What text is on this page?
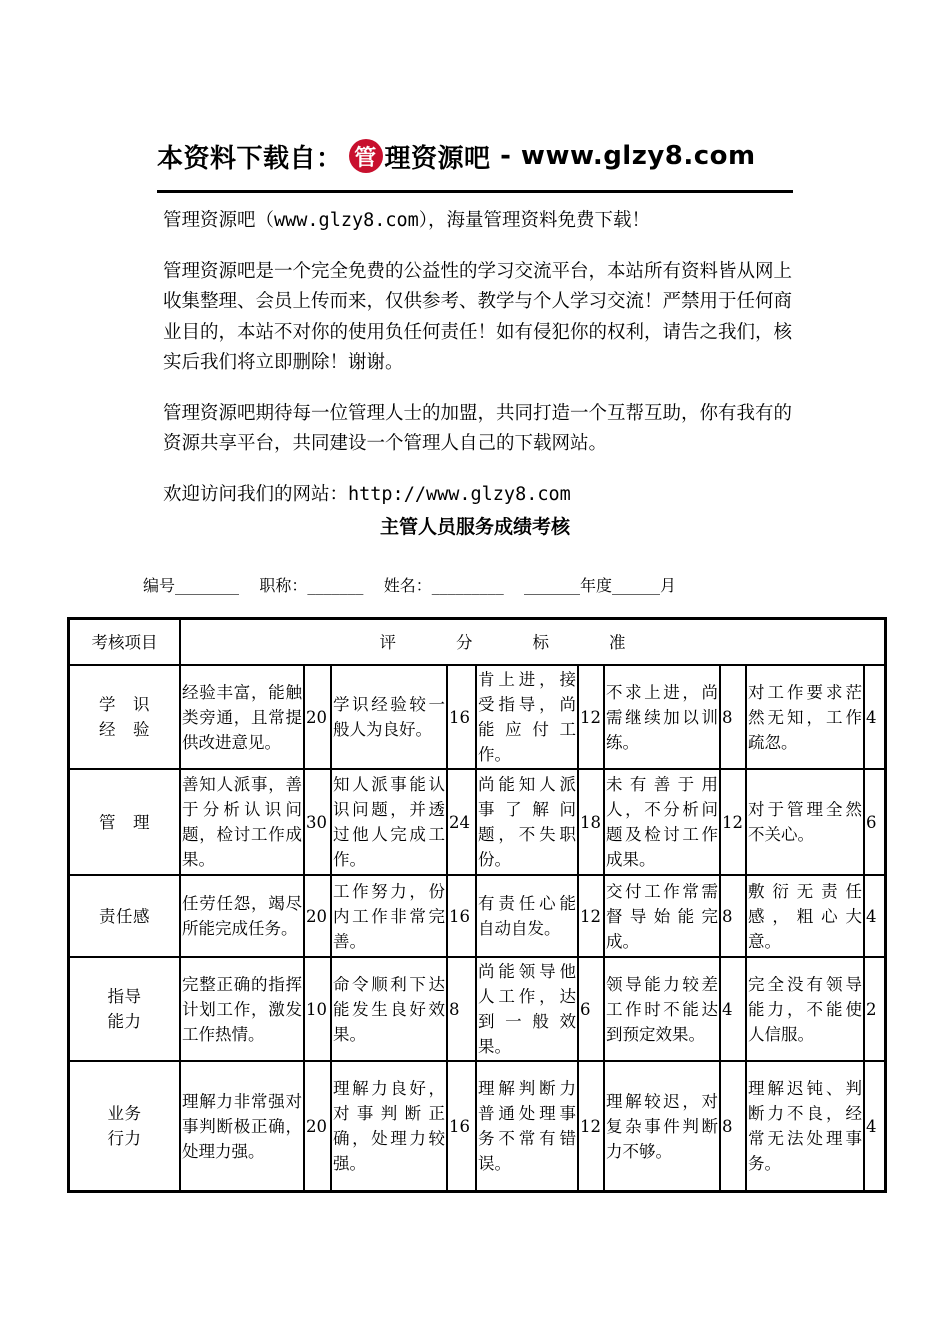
本资料下载自： 管 理资源吧 - www.glzy8.com

管理资源吧（www.glzy8.com），海量管理资料免费下载！

管理资源吧是一个完全免费的公益性的学习交流平台，本站所有资料皆从网上收集整理、会员上传而来，仅供参考、教学与个人学习交流！严禁用于任何商业目的，本站不对你的使用负任何责任！如有侵犯你的权利，请告之我们，核实后我们将立即删除！谢谢。

管理资源吧期待每一位管理人士的加盟，共同打造一个互帮互助，你有我有的资源共享平台，共同建设一个管理人自己的下载网站。

欢迎访问我们的网站：http://www.glzy8.com

主管人员服务成绩考核
编号________    职称：_______    姓名：_________    _______年度______月
考核项目	评分标准									
学　识
经　验	经验丰富，能触类旁通，且常提供改进意见。	20	学识经验较一般人为良好。	16	肯上进，接受指导，尚能应付工作。	12	不求上进，尚需继续加以训练。	8	对工作要求茫然无知，工作疏忽。	4
管　理	善知人派事，善于分析认识问题，检讨工作成果。	30	知人派事能认识问题，并透过他人完成工作。	24	尚能知人派事了解问题，不失职份。	18	未有善于用人，不分析问题及检讨工作成果。	12	对于管理全然不关心。	6
责任感	任劳任怨，竭尽所能完成任务。	20	工作努力，份内工作非常完善。	16	有责任心能自动自发。	12	交付工作常需督导始能完成。	8	敷衍无责任感，粗心大意。	4
指导
能力	完整正确的指挥计划工作，激发工作热情。	10	命令顺利下达能发生良好效果。	8	尚能领导他人工作，达到一般效果。	6	领导能力较差工作时不能达到预定效果。	4	完全没有领导能力，不能使人信服。	2
业务
行力	理解力非常强对事判断极正确，处理力强。	20	理解力良好，对事判断正确，处理力较强。	16	理解判断力普通处理事务不常有错误。	12	理解较迟，对复杂事件判断力不够。	8	理解迟钝、判断力不良，经常无法处理事务。	4
